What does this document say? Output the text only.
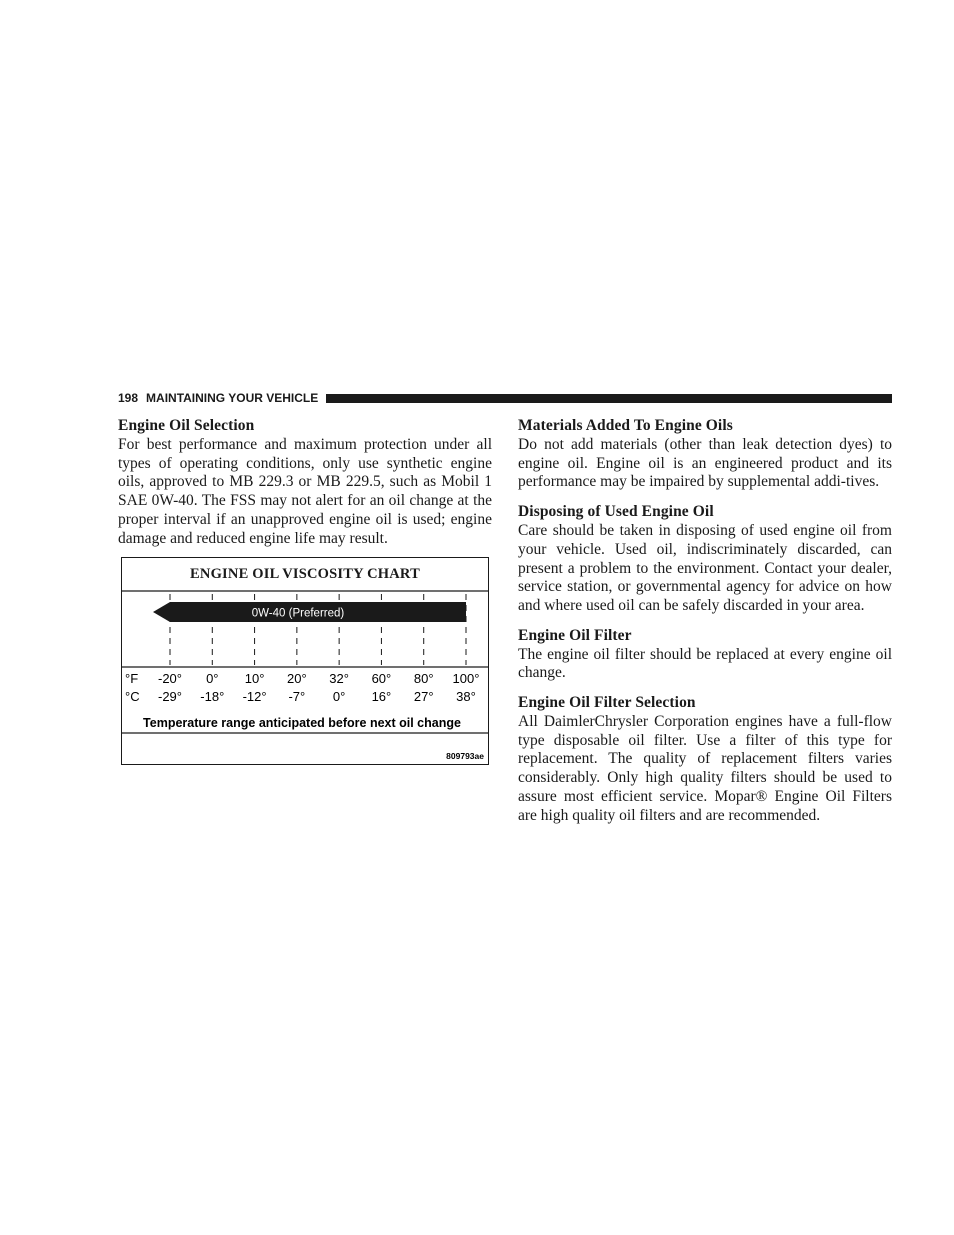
198 MAINTAINING YOUR VEHICLE
Engine Oil Selection

For best performance and maximum protection under all types of operating conditions, only use synthetic engine oils, approved to MB 229.3 or MB 229.5, such as Mobil 1 SAE 0W-40. The FSS may not alert for an oil change at the proper interval if an unapproved engine oil is used; engine damage and reduced engine life may result.

ENGINE OIL VISCOSITY CHART
0W-40 (Preferred)
°F
°C
-20°
-29°
0°
-18°
10°
-12°
20°
-7°
32°
0°
60°
16°
80°
27°
100°
38°
Temperature range anticipated before next oil change
809793ae
Materials Added To Engine Oils

Do not add materials (other than leak detection dyes) to engine oil. Engine oil is an engineered product and its performance may be impaired by supplemental addi-tives.

Disposing of Used Engine Oil

Care should be taken in disposing of used engine oil from your vehicle. Used oil, indiscriminately discarded, can present a problem to the environment. Contact your dealer, service station, or governmental agency for advice on how and where used oil can be safely discarded in your area.

Engine Oil Filter

The engine oil filter should be replaced at every engine oil change.

Engine Oil Filter Selection

All DaimlerChrysler Corporation engines have a full-flow type disposable oil filter. Use a filter of this type for replacement. The quality of replacement filters varies considerably. Only high quality filters should be used to assure most efficient service. Mopar® Engine Oil Filters are high quality oil filters and are recommended.
